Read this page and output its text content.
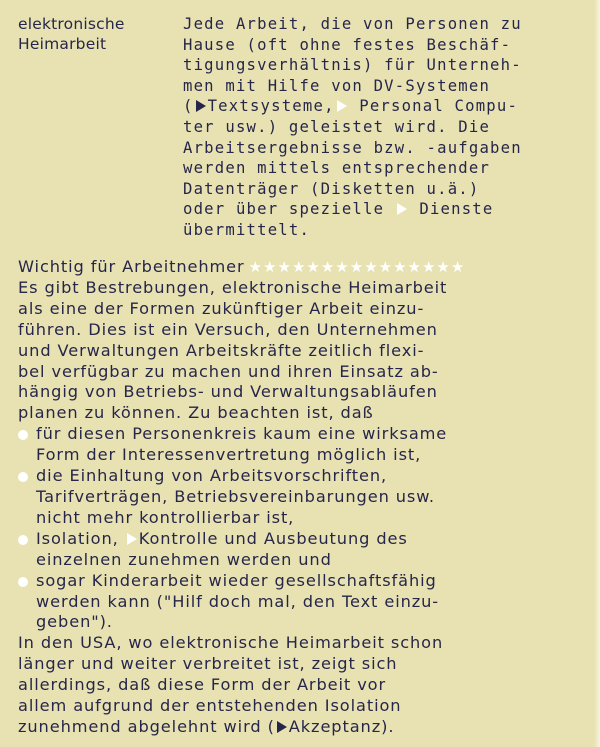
elektronische
Heimarbeit
Jede Arbeit, die von Personen zu
Hause (oft ohne festes Beschäf-
tigungsverhältnis) für Unterneh-
men mit Hilfe von DV-Systemen
( Textsysteme, Personal Compu-
ter usw.) geleistet wird. Die
Arbeitsergebnisse bzw. -aufgaben
werden mittels entsprechender
Datenträger (Disketten u.ä.)
oder über spezielle  Dienste
übermittelt.
Wichtig für Arbeitnehmer ★★★★★★★★★★★★★★★
Es gibt Bestrebungen, elektronische Heimarbeit
als eine der Formen zukünftiger Arbeit einzu-
führen. Dies ist ein Versuch, den Unternehmen
und Verwaltungen Arbeitskräfte zeitlich flexi-
bel verfügbar zu machen und ihren Einsatz ab-
hängig von Betriebs- und Verwaltungsabläufen
planen zu können. Zu beachten ist, daß
für diesen Personenkreis kaum eine wirksame
Form der Interessenvertretung möglich ist,
die Einhaltung von Arbeitsvorschriften,
Tarifverträgen, Betriebsvereinbarungen usw.
nicht mehr kontrollierbar ist,
Isolation, Kontrolle und Ausbeutung des
einzelnen zunehmen werden und
sogar Kinderarbeit wieder gesellschaftsfähig
werden kann ("Hilf doch mal, den Text einzu-
geben").
In den USA, wo elektronische Heimarbeit schon
länger und weiter verbreitet ist, zeigt sich
allerdings, daß diese Form der Arbeit vor
allem aufgrund der entstehenden Isolation
zunehmend abgelehnt wird ( Akzeptanz).
